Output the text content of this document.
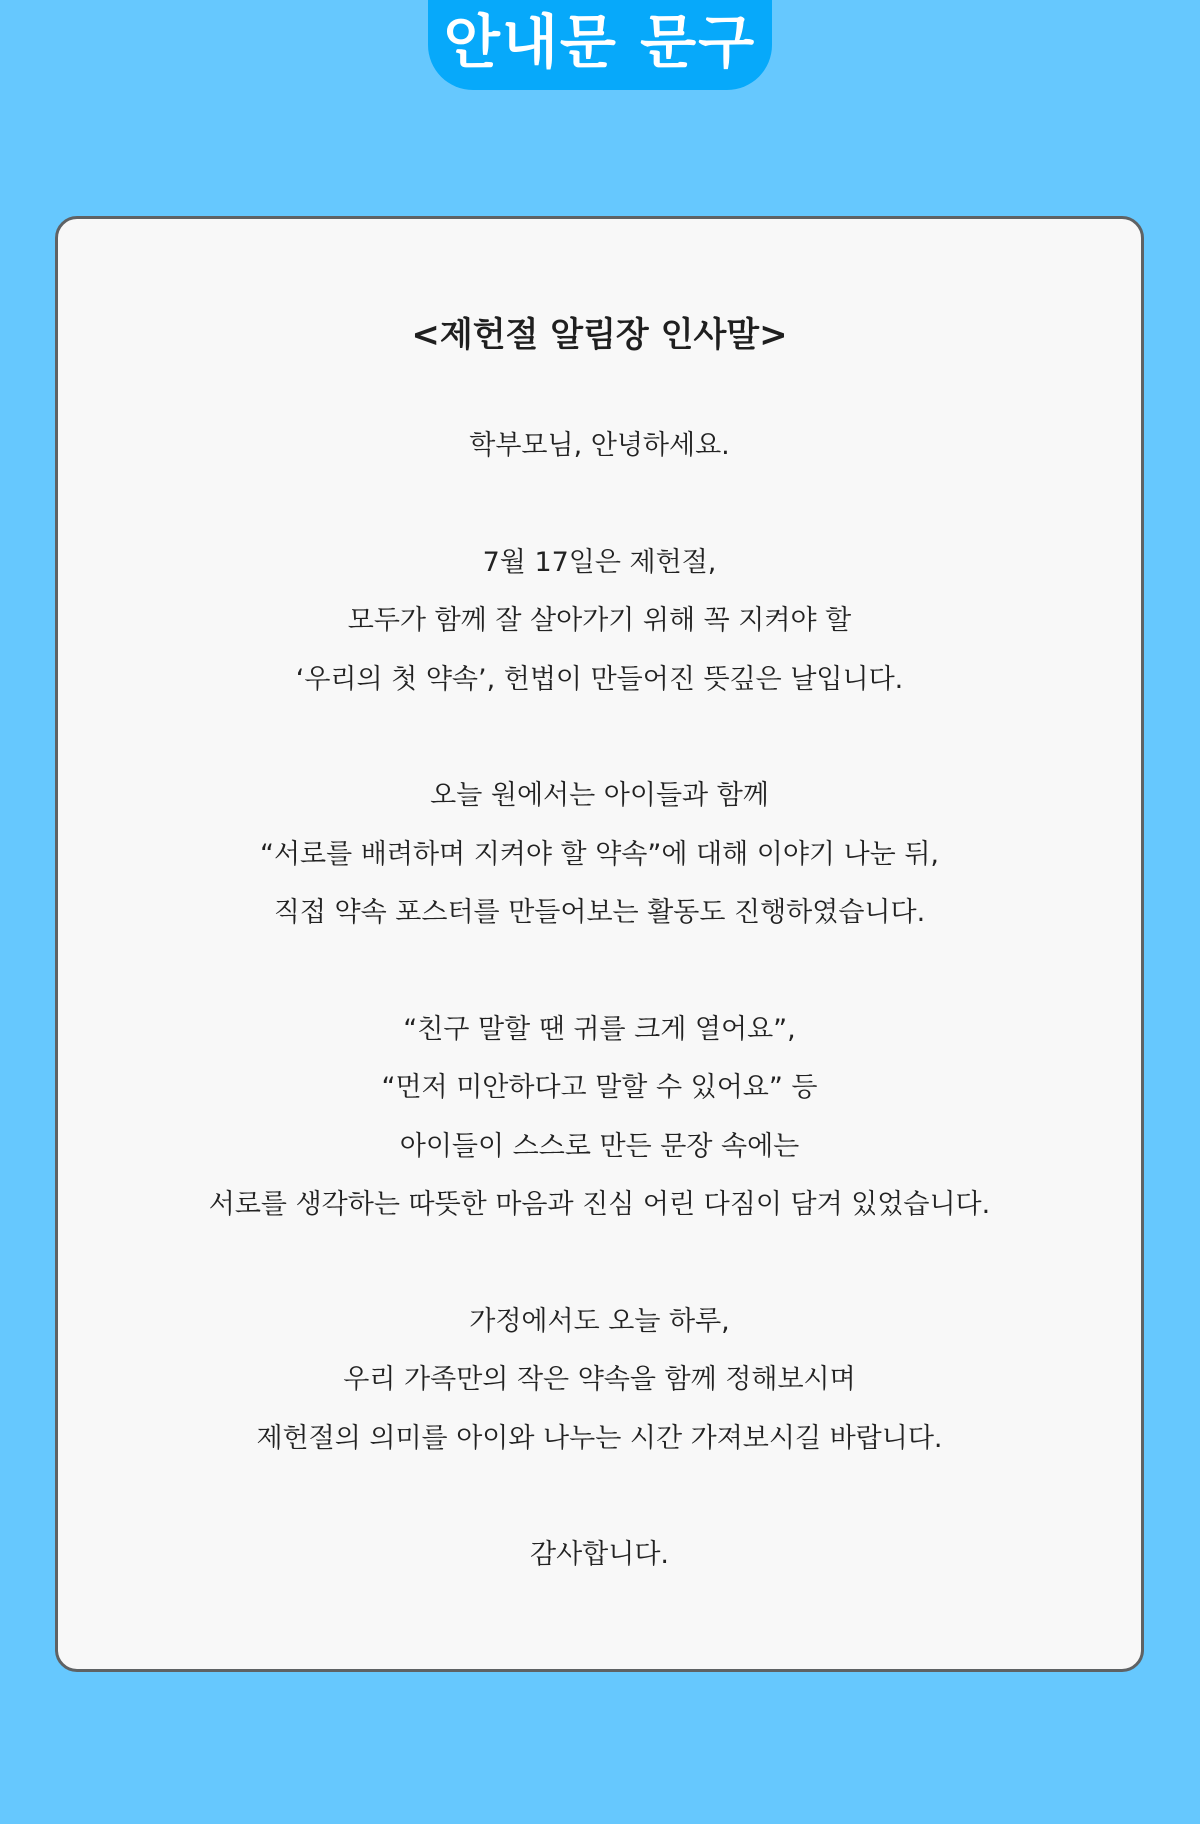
안내문 문구
<제헌절 알림장 인사말>
학부모님, 안녕하세요.
7월 17일은 제헌절,
모두가 함께 잘 살아가기 위해 꼭 지켜야 할
‘우리의 첫 약속’, 헌법이 만들어진 뜻깊은 날입니다.
오늘 원에서는 아이들과 함께
“서로를 배려하며 지켜야 할 약속”에 대해 이야기 나눈 뒤,
직접 약속 포스터를 만들어보는 활동도 진행하였습니다.
“친구 말할 땐 귀를 크게 열어요”,
“먼저 미안하다고 말할 수 있어요” 등
아이들이 스스로 만든 문장 속에는
서로를 생각하는 따뜻한 마음과 진심 어린 다짐이 담겨 있었습니다.
가정에서도 오늘 하루,
우리 가족만의 작은 약속을 함께 정해보시며
제헌절의 의미를 아이와 나누는 시간 가져보시길 바랍니다.
감사합니다.
